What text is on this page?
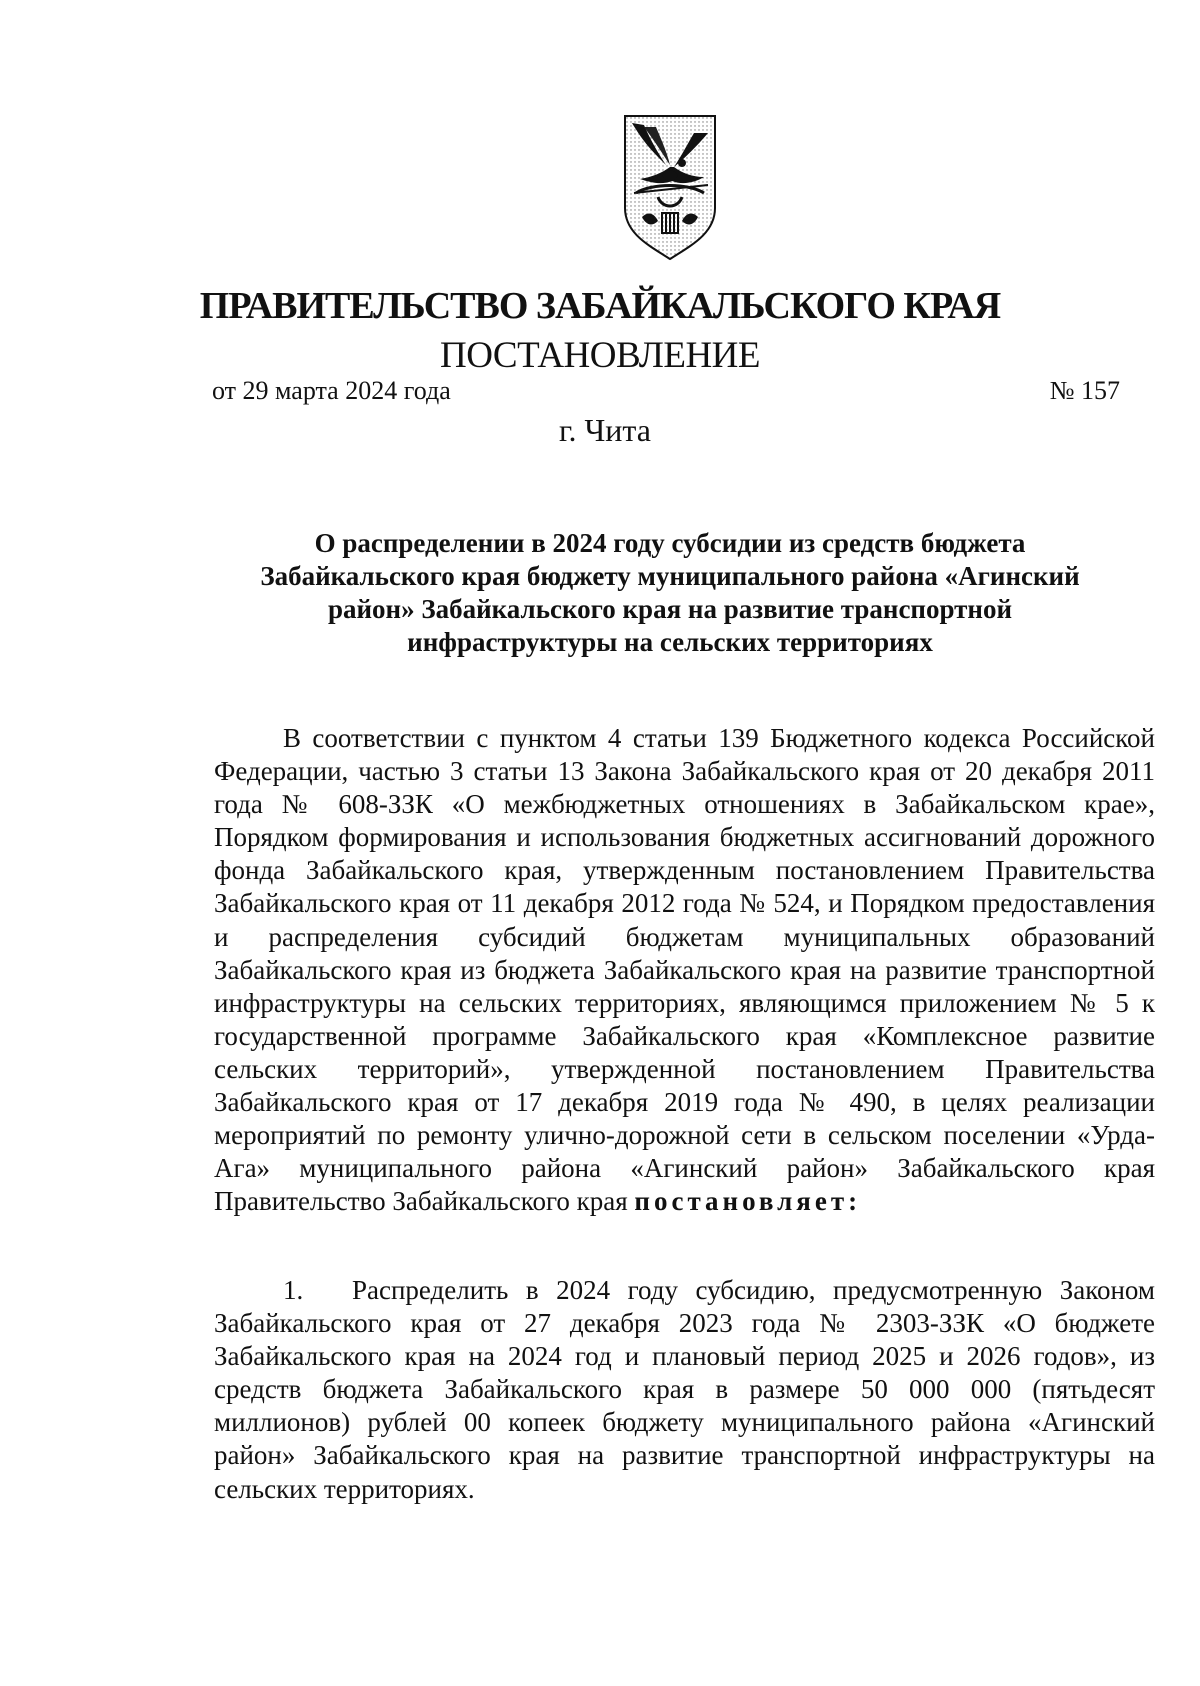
ПРАВИТЕЛЬСТВО ЗАБАЙКАЛЬСКОГО КРАЯ
ПОСТАНОВЛЕНИЕ
от 29 марта 2024 года	№ 157
г. Чита
О распределении в 2024 году субсидии из средств бюджета Забайкальского края бюджету муниципального района «Агинский район» Забайкальского края на развитие транспортной инфраструктуры на сельских территориях
В соответствии с пунктом 4 статьи 139 Бюджетного кодекса Российской Федерации, частью 3 статьи 13 Закона Забайкальского края от 20 декабря 2011 года № 608-ЗЗК «О межбюджетных отношениях в Забайкальском крае», Порядком формирования и использования бюджетных ассигнований дорожного фонда Забайкальского края, утвержденным постановлением Правительства Забайкальского края от 11 декабря 2012 года № 524, и Порядком предоставления и распределения субсидий бюджетам муниципальных образований Забайкальского края из бюджета Забайкальского края на развитие транспортной инфраструктуры на сельских территориях, являющимся приложением № 5 к государственной программе Забайкальского края «Комплексное развитие сельских территорий», утвержденной постановлением Правительства Забайкальского края от 17 декабря 2019 года № 490, в целях реализации мероприятий по ремонту улично-дорожной сети в сельском поселении «Урда-Ага» муниципального района «Агинский район» Забайкальского края Правительство Забайкальского края постановляет:
1. Распределить в 2024 году субсидию, предусмотренную Законом Забайкальского края от 27 декабря 2023 года № 2303-ЗЗК «О бюджете Забайкальского края на 2024 год и плановый период 2025 и 2026 годов», из средств бюджета Забайкальского края в размере 50 000 000 (пятьдесят миллионов) рублей 00 копеек бюджету муниципального района «Агинский район» Забайкальского края на развитие транспортной инфраструктуры на сельских территориях.
